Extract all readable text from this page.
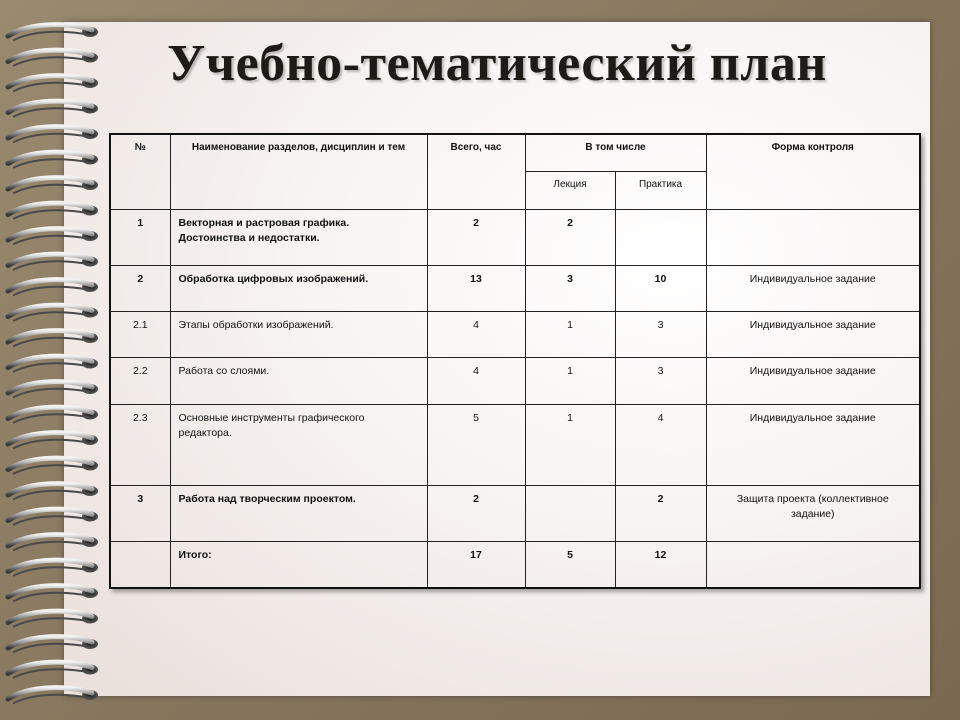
Учебно-тематический план
№	Наименование разделов, дисциплин и тем	Всего, час	В том числе		Форма контроля
			Лекция	Практика	
1	Векторная и растровая графика. Достоинства и недостатки.	2	2		
2	Обработка цифровых изображений.	13	3	10	Индивидуальное задание
2.1	Этапы обработки изображений.	4	1	3	Индивидуальное задание
2.2	Работа со слоями.	4	1	3	Индивидуальное задание
2.3	Основные инструменты графического редактора.	5	1	4	Индивидуальное задание
3	Работа над творческим проектом.	2		2	Защита проекта (коллективное задание)
	Итого:	17	5	12	
